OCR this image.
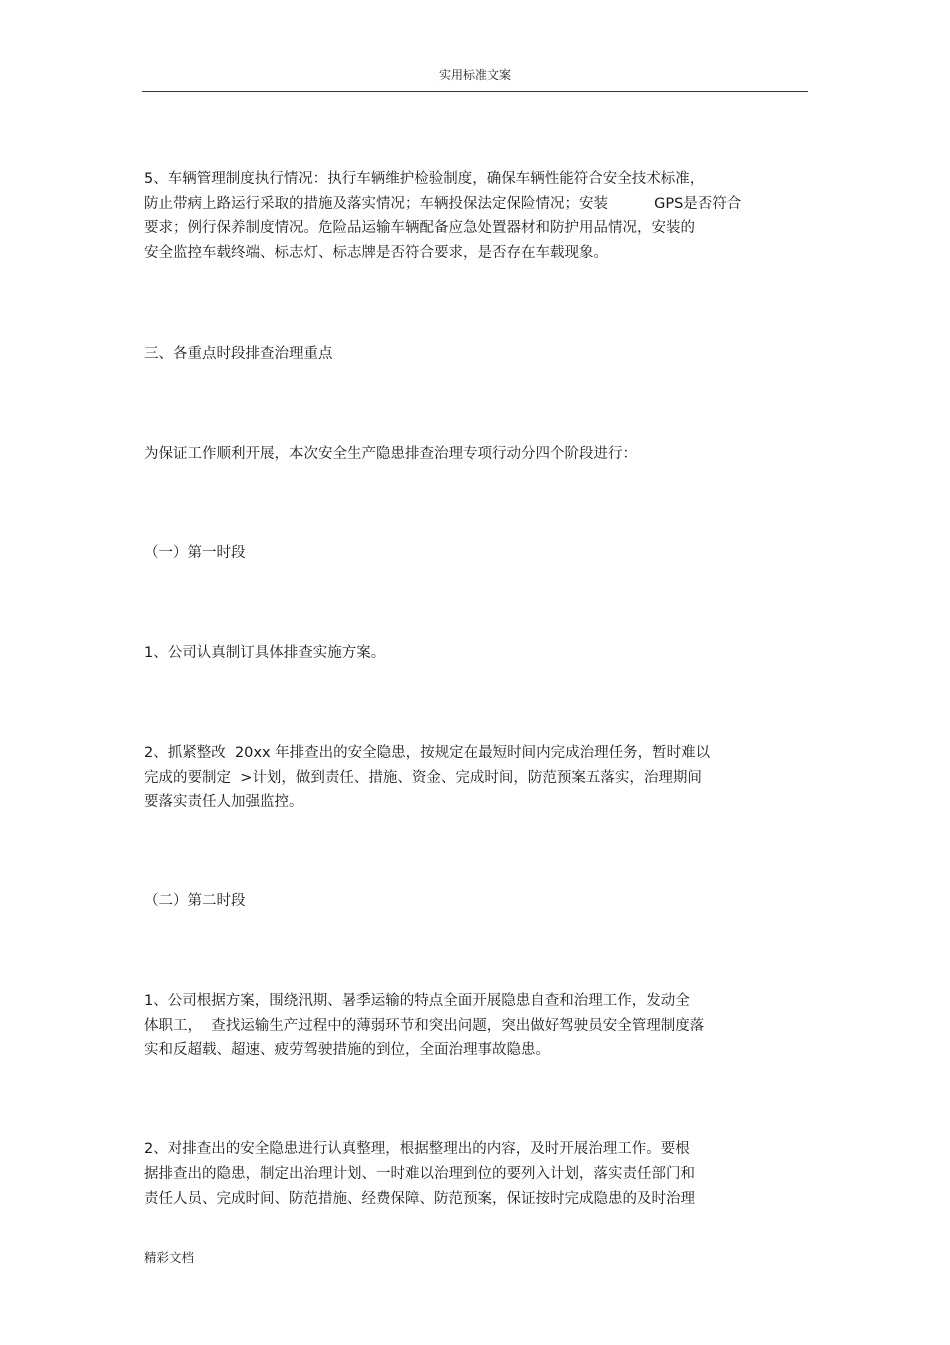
实用标准文案
5、车辆管理制度执行情况：执行车辆维护检验制度，确保车辆性能符合安全技术标准，
防止带病上路运行采取的措施及落实情况；车辆投保法定保险情况；安装          GPS是否符合
要求；例行保养制度情况。危险品运输车辆配备应急处置器材和防护用品情况，安装的
安全监控车载终端、标志灯、标志牌是否符合要求，是否存在车载现象。
三、各重点时段排查治理重点
为保证工作顺利开展，本次安全生产隐患排查治理专项行动分四个阶段进行：
（一）第一时段
1、公司认真制订具体排查实施方案。
2、抓紧整改  20xx 年排查出的安全隐患，按规定在最短时间内完成治理任务，暂时难以
完成的要制定  >计划，做到责任、措施、资金、完成时间，防范预案五落实，治理期间
要落实责任人加强监控。
（二）第二时段
1、公司根据方案，围绕汛期、暑季运输的特点全面开展隐患自查和治理工作，发动全
体职工，  查找运输生产过程中的薄弱环节和突出问题，突出做好驾驶员安全管理制度落
实和反超载、超速、疲劳驾驶措施的到位，全面治理事故隐患。
2、对排查出的安全隐患进行认真整理，根据整理出的内容，及时开展治理工作。要根
据排查出的隐患，制定出治理计划、一时难以治理到位的要列入计划，落实责任部门和
责任人员、完成时间、防范措施、经费保障、防范预案，保证按时完成隐患的及时治理
精彩文档
